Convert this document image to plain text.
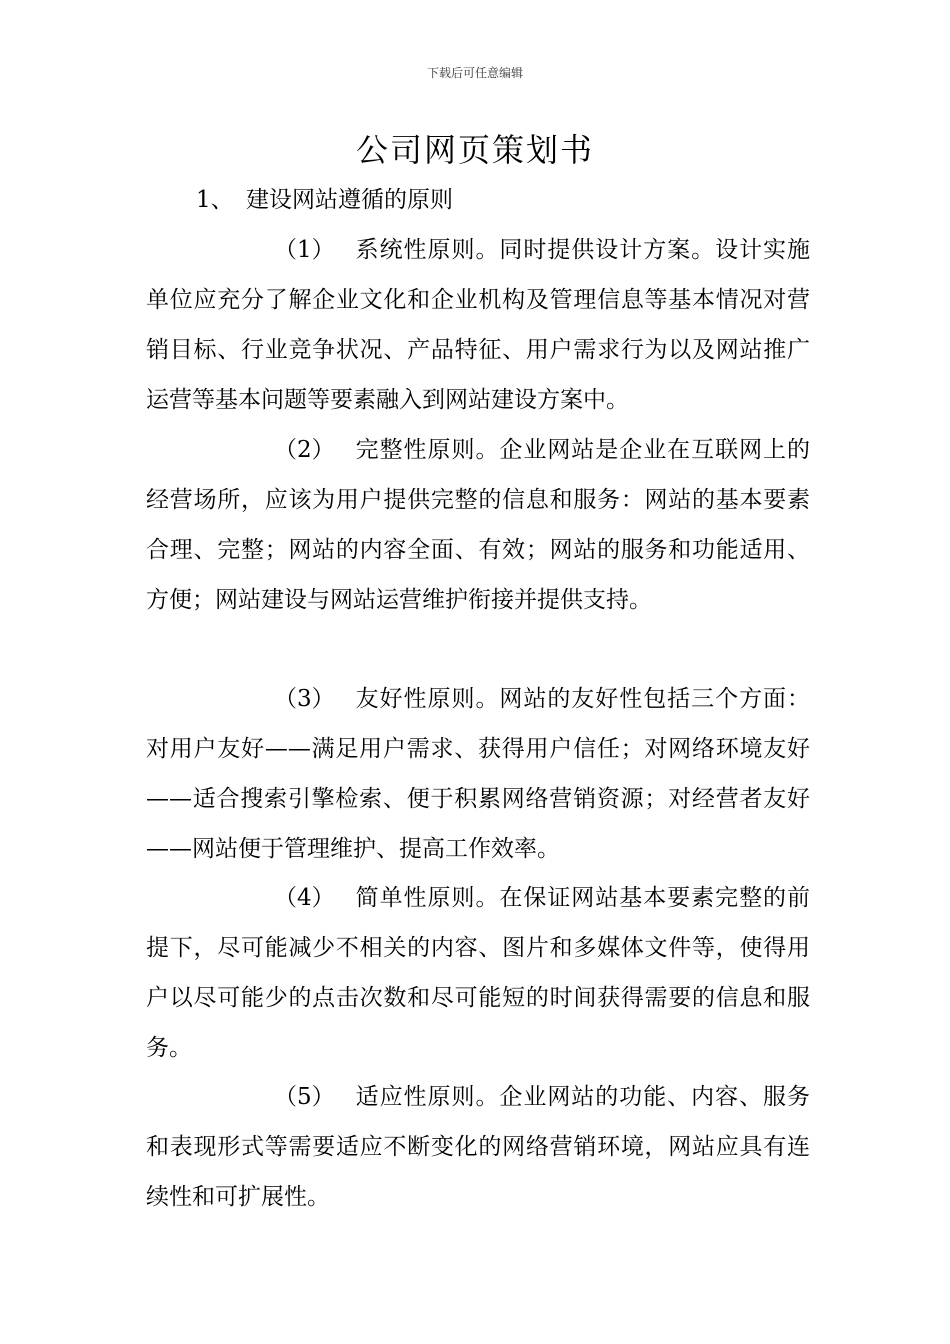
下载后可任意编辑
公司网页策划书
1、 建设网站遵循的原则

（1） 系统性原则。同时提供设计方案。设计实施单位应充分了解企业文化和企业机构及管理信息等基本情况对营销目标、行业竞争状况、产品特征、用户需求行为以及网站推广运营等基本问题等要素融入到网站建设方案中。

（2） 完整性原则。企业网站是企业在互联网上的经营场所，应该为用户提供完整的信息和服务：网站的基本要素合理、完整；网站的内容全面、有效；网站的服务和功能适用、方便；网站建设与网站运营维护衔接并提供支持。

（3） 友好性原则。网站的友好性包括三个方面：对用户友好——满足用户需求、获得用户信任；对网络环境友好——适合搜索引擎检索、便于积累网络营销资源；对经营者友好——网站便于管理维护、提高工作效率。

（4） 简单性原则。在保证网站基本要素完整的前提下，尽可能减少不相关的内容、图片和多媒体文件等，使得用户以尽可能少的点击次数和尽可能短的时间获得需要的信息和服务。

（5） 适应性原则。企业网站的功能、内容、服务和表现形式等需要适应不断变化的网络营销环境，网站应具有连续性和可扩展性。
